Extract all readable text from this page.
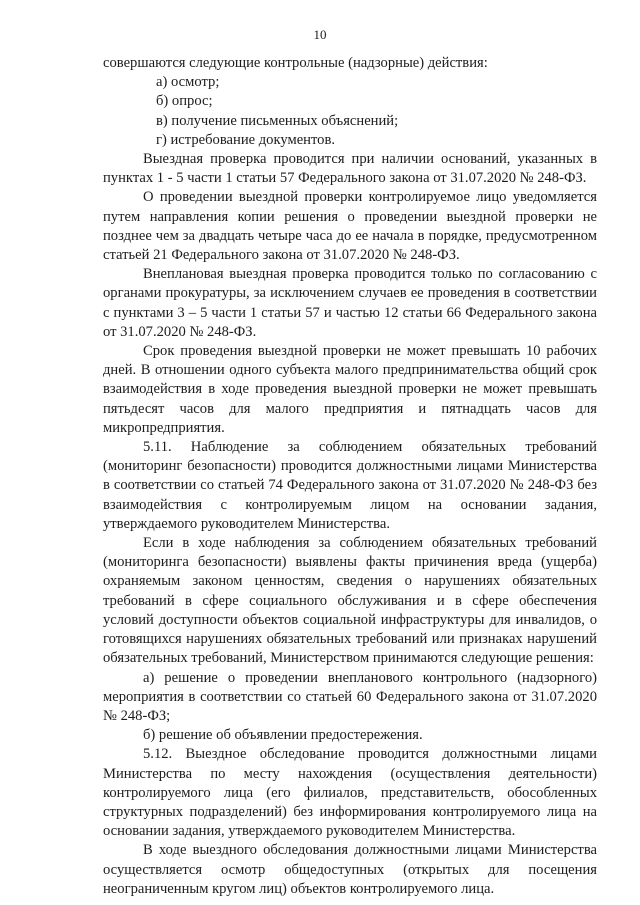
10

совершаются следующие контрольные (надзорные) действия:

а) осмотр;

б) опрос;

в) получение письменных объяснений;

г) истребование документов.

Выездная проверка проводится при наличии оснований, указанных в пунктах 1 - 5 части 1 статьи 57 Федерального закона от 31.07.2020 № 248-ФЗ.

О проведении выездной проверки контролируемое лицо уведомляется путем направления копии решения о проведении выездной проверки не позднее чем за двадцать четыре часа до ее начала в порядке, предусмотренном статьей 21 Федерального закона от 31.07.2020 № 248-ФЗ.

Внеплановая выездная проверка проводится только по согласованию с органами прокуратуры, за исключением случаев ее проведения в соответствии с пунктами 3 – 5 части 1 статьи 57 и частью 12 статьи 66 Федерального закона от 31.07.2020 № 248-ФЗ.

Срок проведения выездной проверки не может превышать 10 рабочих дней. В отношении одного субъекта малого предпринимательства общий срок взаимодействия в ходе проведения выездной проверки не может превышать пятьдесят часов для малого предприятия и пятнадцать часов для микропредприятия.

5.11. Наблюдение за соблюдением обязательных требований (мониторинг безопасности) проводится должностными лицами Министерства в соответствии со статьей 74 Федерального закона от 31.07.2020 № 248-ФЗ без взаимодействия с контролируемым лицом на основании задания, утверждаемого руководителем Министерства.

Если в ходе наблюдения за соблюдением обязательных требований (мониторинга безопасности) выявлены факты причинения вреда (ущерба) охраняемым законом ценностям, сведения о нарушениях обязательных требований в сфере социального обслуживания и в сфере обеспечения условий доступности объектов социальной инфраструктуры для инвалидов, о готовящихся нарушениях обязательных требований или признаках нарушений обязательных требований, Министерством принимаются следующие решения:

а) решение о проведении внепланового контрольного (надзорного) мероприятия в соответствии со статьей 60 Федерального закона от 31.07.2020 № 248-ФЗ;

б) решение об объявлении предостережения.

5.12. Выездное обследование проводится должностными лицами Министерства по месту нахождения (осуществления деятельности) контролируемого лица (его филиалов, представительств, обособленных структурных подразделений) без информирования контролируемого лица на основании задания, утверждаемого руководителем Министерства.

В ходе выездного обследования должностными лицами Министерства осуществляется осмотр общедоступных (открытых для посещения неограниченным кругом лиц) объектов контролируемого лица.
